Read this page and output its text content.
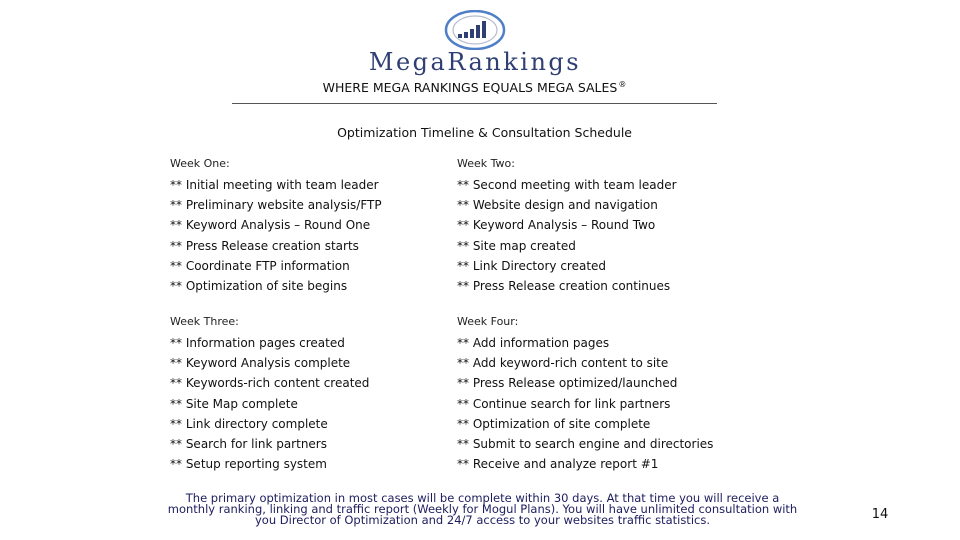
MegaRankings
WHERE MEGA RANKINGS EQUALS MEGA SALES®
Optimization Timeline & Consultation Schedule
Week One:
** Initial meeting with team leader
** Preliminary website analysis/FTP
** Keyword Analysis – Round One
** Press Release creation starts
** Coordinate FTP information
** Optimization of site begins
Week Two:
** Second meeting with team leader
** Website design and navigation
** Keyword Analysis – Round Two
** Site map created
** Link Directory created
** Press Release creation continues
Week Three:
** Information pages created
** Keyword Analysis complete
** Keywords-rich content created
** Site Map complete
** Link directory complete
** Search for link partners
** Setup reporting system
Week Four:
** Add information pages
** Add keyword-rich content to site
** Press Release optimized/launched
** Continue search for link partners
** Optimization of site complete
** Submit to search engine and directories
** Receive and analyze report #1
The primary optimization in most cases will be complete within 30 days. At that time you will receive a monthly ranking, linking and traffic report (Weekly for Mogul Plans). You will have unlimited consultation with you Director of Optimization and 24/7 access to your websites traffic statistics.	14
